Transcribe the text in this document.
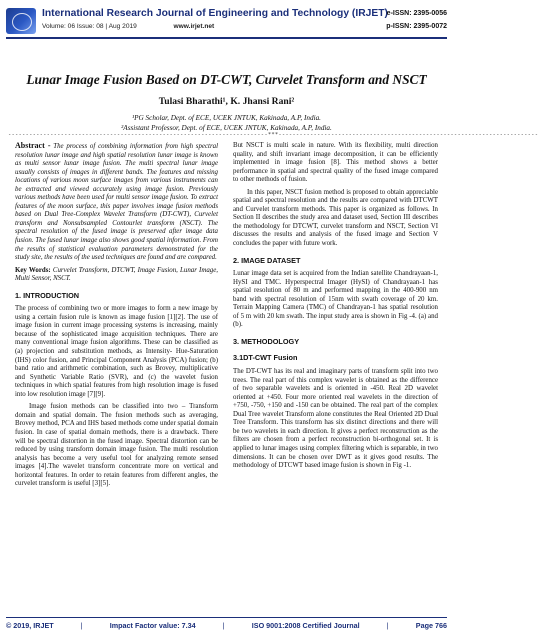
International Research Journal of Engineering and Technology (IRJET)
Volume: 06 Issue: 08 | Aug 2019	www.irjet.net
e-ISSN: 2395-0056
p-ISSN: 2395-0072
Lunar Image Fusion Based on DT-CWT, Curvelet Transform and NSCT
Tulasi Bharathi¹, K. Jhansi Rani²
¹PG Scholar, Dept. of ECE, UCEK JNTUK, Kakinada, A.P, India.
²Assistant Professor, Dept. of ECE, UCEK JNTUK, Kakinada, A.P, India.
--------------------------------------------------------------------------***--------------------------------------------------------------------------

Abstract - The process of combining information from high spectral resolution lunar image and high spatial resolution lunar image is known as multi sensor lunar image fusion. The multi spectral lunar image usually consists of images in different bands. The features and missing locations of various moon surface images from various instruments can be extracted and viewed accurately using image fusion. Previously various methods have been used for multi sensor image fusion. To extract features of the moon surface, this paper involves image fusion methods based on Dual Tree-Complex Wavelet Transform (DT-CWT), Curvelet transform and Nonsubsampled Contourlet transform (NSCT). The spectral resolution of the fused image is preserved after image data fusion. The fused lunar image also shows good spatial information. From the results of statistical evaluation parameters demonstrated for the study site, the results of the used techniques are found and are compared.

Key Words: Curvelet Transform, DTCWT, Image Fusion, Lunar Image, Multi Sensor, NSCT.

1. INTRODUCTION

The process of combining two or more images to form a new image by using a certain fusion rule is known as image fusion [1][2]. The use of image fusion in current image processing systems is increasing, mainly because of the sophisticated image acquisition techniques. There are many conventional image fusion algorithms. These can be classified as (a) projection and substitution methods, as Intensity- Hue-Saturation (IHS) color fusion, and Principal Component Analysis (PCA) fusion; (b) band ratio and arithmetic combination, such as Brovey, multiplicative and Synthetic Variable Ratio (SVR), and (c) the wavelet fusion techniques in which spatial features from high resolution image is fused into low resolution image [7][9].

Image fusion methods can be classified into two – Transform domain and spatial domain. The fusion methods such as averaging, Brovey method, PCA and IHS based methods come under spatial domain fusion. In case of spatial domain methods, there is a drawback. There will be spectral distortion in the fused image. Spectral distortion can be reduced by using transform domain image fusion. The multi resolution analysis has become a very useful tool for analyzing remote sensed images [4].The wavelet transform concentrate more on vertical and horizontal features. In order to retain features from different angles, the curvelet transform is useful [3][5].

But NSCT is multi scale in nature. With its flexibility, multi direction quality, and shift invariant image decomposition, it can be efficiently implemented in image fusion [8]. This method shows a better performance in spatial and spectral quality of the fused image compared to other methods of fusion.

In this paper, NSCT fusion method is proposed to obtain appreciable spatial and spectral resolution and the results are compared with DTCWT and Curvelet transform methods. This paper is organized as follows. In Section II describes the study area and dataset used, Section III describes the methodology for DTCWT, curvelet transform and NSCT, Section VI discusses the results and analysis of the fused image and Section V concludes the paper with future work.

2. IMAGE DATASET

Lunar image data set is acquired from the Indian satellite Chandrayaan-1, HySI and TMC. Hyperspectral Imager (HySI) of Chandrayaan-1 has spatial resolution of 80 m and performed mapping in the 400-900 nm band with spectral resolution of 15nm with swath coverage of 20 km. Terrain Mapping Camera (TMC) of Chandrayan-1 has spatial resolution of 5 m with 20 km swath. The input study area is shown in Fig -4. (a) and (b).

3. METHODOLOGY
3.1DT-CWT Fusion

The DT-CWT has its real and imaginary parts of transform split into two trees. The real part of this complex wavelet is obtained as the difference of two separable wavelets and is oriented in -450. Real 2D wavelet oriented at +450. Four more oriented real wavelets in the direction of +750, -750, +150 and -150 can be obtained. The real part of the complex Dual Tree wavelet Transform alone constitutes the Real Oriented 2D Dual Tree Transform. This transform has six distinct directions and there will be two wavelets in each direction. It gives a perfect reconstruction as the filters are chosen from a perfect reconstruction bi-orthogonal set. It is applied to lunar images using complex filtering which is separable, in two dimensions. It can be chosen over DWT as it gives good results. The methodology of DTCWT based image fusion is shown in Fig -1.

© 2019, IRJET	|	Impact Factor value: 7.34	|	ISO 9001:2008 Certified Journal	|	Page 766
